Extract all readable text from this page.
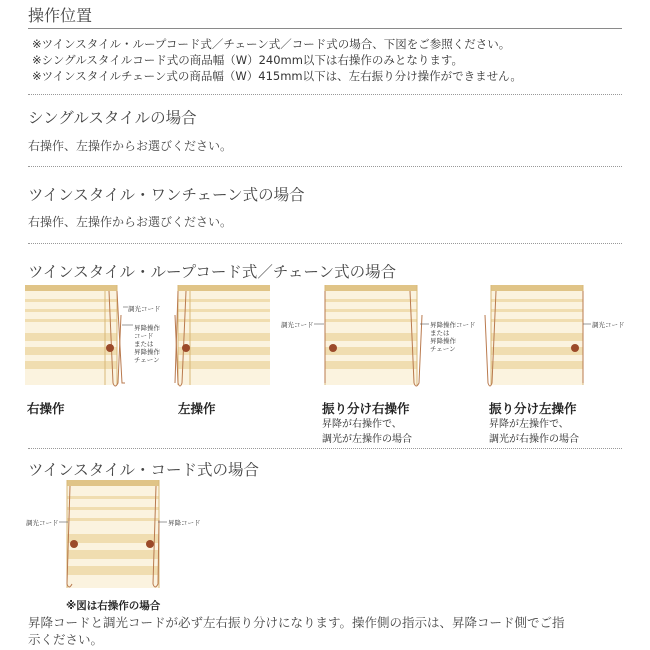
操作位置
※ツインスタイル・ループコード式／チェーン式／コード式の場合、下図をご参照ください。
※シングルスタイルコード式の商品幅（W）240mm以下は右操作のみとなります。
※ツインスタイルチェーン式の商品幅（W）415mm以下は、左右振り分け操作ができません。
シングルスタイルの場合
右操作、左操作からお選びください。
ツインスタイル・ワンチェーン式の場合
右操作、左操作からお選びください。
ツインスタイル・ループコード式／チェーン式の場合
調光コード
昇降操作
コード
または
昇降操作
チェーン
右操作	左操作
調光コード	昇降操作コード
または
昇降操作
チェーン
振り分け右操作
昇降が右操作で、
調光が左操作の場合
調光コード
振り分け左操作
昇降が左操作で、
調光が右操作の場合
ツインスタイル・コード式の場合
調光コード	昇降コード
※図は右操作の場合
昇降コードと調光コードが必ず左右振り分けになります。操作側の指示は、昇降コード側でご指
示ください。
